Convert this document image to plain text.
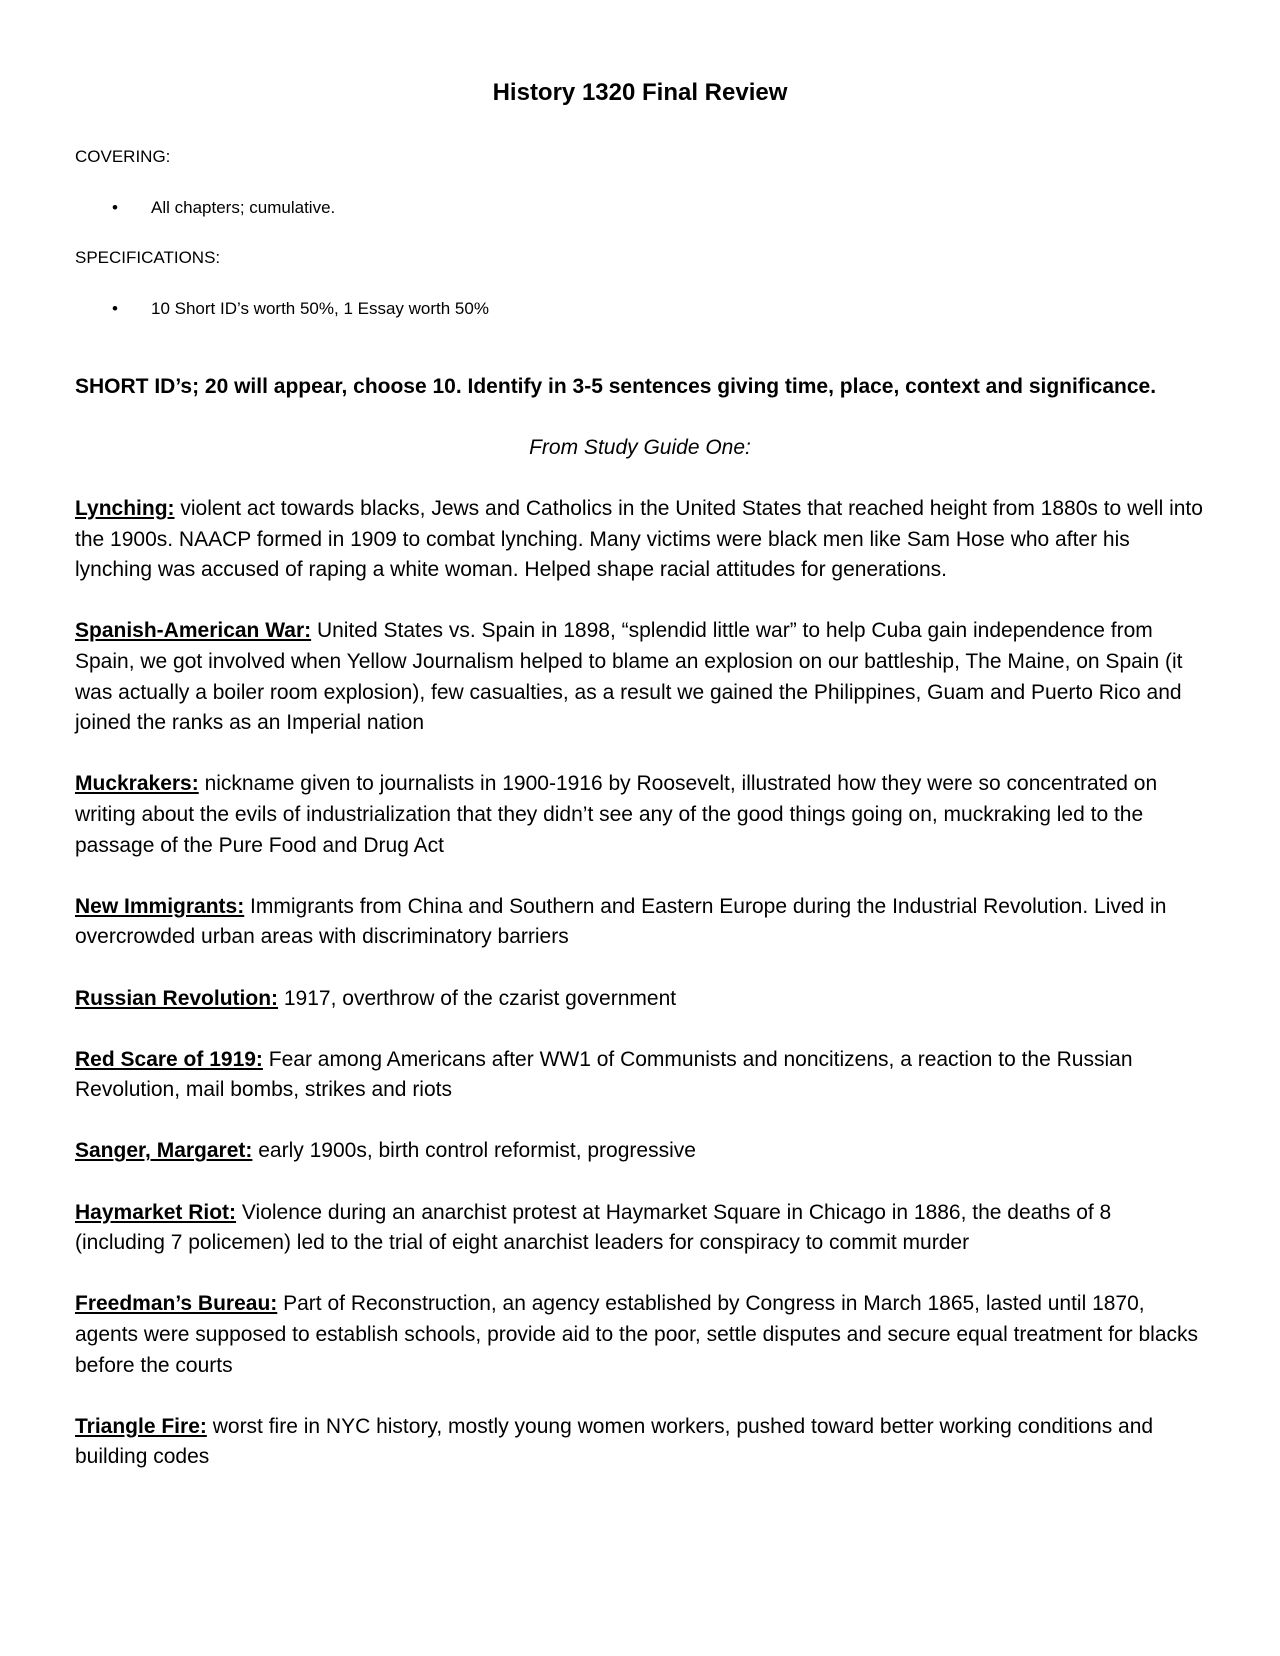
History 1320 Final Review
COVERING:
• All chapters; cumulative.
SPECIFICATIONS:
• 10 Short ID’s worth 50%, 1 Essay worth 50%
SHORT ID’s; 20 will appear, choose 10. Identify in 3-5 sentences giving time, place, context and significance.
From Study Guide One:

Lynching: violent act towards blacks, Jews and Catholics in the United States that reached height from 1880s to well into the 1900s. NAACP formed in 1909 to combat lynching. Many victims were black men like Sam Hose who after his lynching was accused of raping a white woman. Helped shape racial attitudes for generations.

Spanish-American War: United States vs. Spain in 1898, “splendid little war” to help Cuba gain independence from Spain, we got involved when Yellow Journalism helped to blame an explosion on our battleship, The Maine, on Spain (it was actually a boiler room explosion), few casualties, as a result we gained the Philippines, Guam and Puerto Rico and joined the ranks as an Imperial nation

Muckrakers: nickname given to journalists in 1900-1916 by Roosevelt, illustrated how they were so concentrated on writing about the evils of industrialization that they didn’t see any of the good things going on, muckraking led to the passage of the Pure Food and Drug Act

New Immigrants: Immigrants from China and Southern and Eastern Europe during the Industrial Revolution. Lived in overcrowded urban areas with discriminatory barriers

Russian Revolution: 1917, overthrow of the czarist government

Red Scare of 1919: Fear among Americans after WW1 of Communists and noncitizens, a reaction to the Russian Revolution, mail bombs, strikes and riots

Sanger, Margaret: early 1900s, birth control reformist, progressive

Haymarket Riot: Violence during an anarchist protest at Haymarket Square in Chicago in 1886, the deaths of 8 (including 7 policemen) led to the trial of eight anarchist leaders for conspiracy to commit murder

Freedman’s Bureau: Part of Reconstruction, an agency established by Congress in March 1865, lasted until 1870, agents were supposed to establish schools, provide aid to the poor, settle disputes and secure equal treatment for blacks before the courts

Triangle Fire: worst fire in NYC history, mostly young women workers, pushed toward better working conditions and building codes
